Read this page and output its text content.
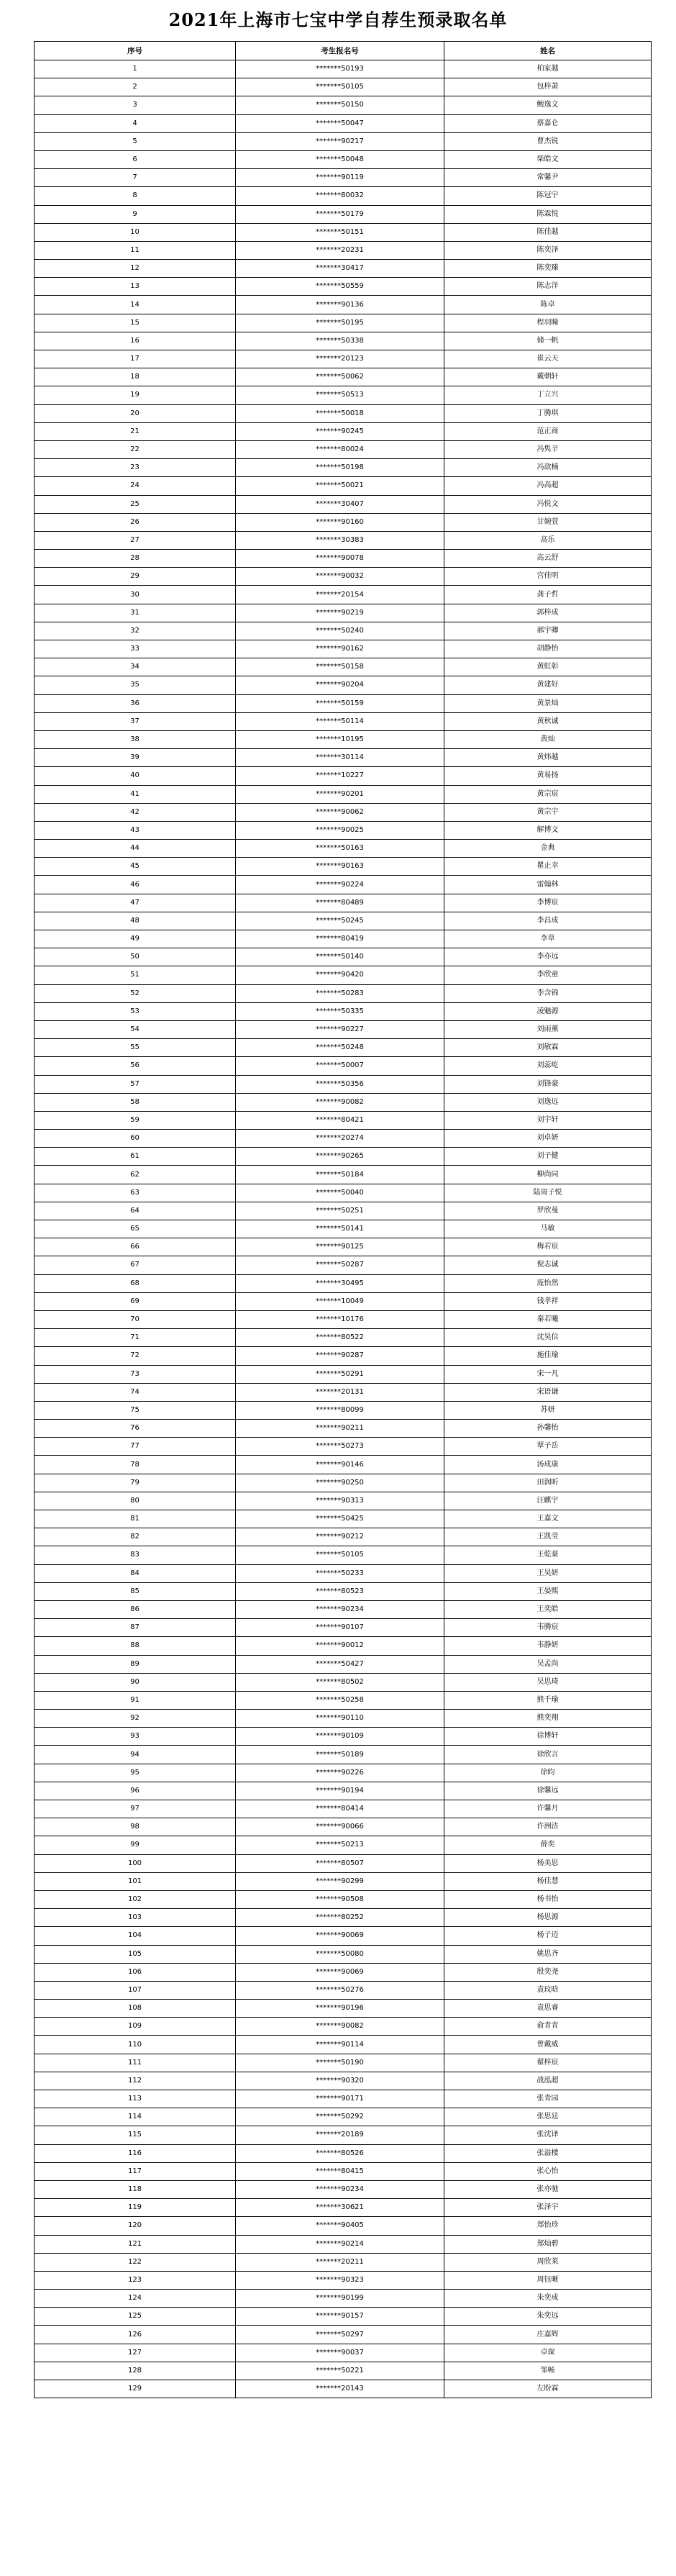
2021年上海市七宝中学自荐生预录取名单
序号	考生报名号	姓名
1	*******50193	柏家越
2	*******50105	包梓萧
3	*******50150	鲍逸文
4	*******50047	蔡嘉仑
5	*******90217	曹杰锐
6	*******50048	柴皓文
7	*******90119	常馨尹
8	*******80032	陈冠宇
9	*******50179	陈霖悦
10	*******50151	陈佳越
11	*******20231	陈奕泽
12	*******30417	陈奕臻
13	*******50559	陈志洋
14	*******90136	陈卓
15	*******50195	程羽瞳
16	*******50338	储一帆
17	*******20123	崔云天
18	*******50062	戴朝轩
19	*******50513	丁立兴
20	*******50018	丁腾琪
21	*******90245	范正商
22	*******80024	冯隽辛
23	*******50198	冯歆楠
24	*******50021	冯高超
25	*******30407	冯悦文
26	*******90160	甘婉萱
27	*******30383	高乐
28	*******90078	高云舒
29	*******90032	宫佳明
30	*******20154	龚子哲
31	*******90219	郭梓成
32	*******50240	郝宇卿
33	*******90162	胡静怡
34	*******50158	黄虹彰
35	*******90204	黄建好
36	*******50159	黄景灿
37	*******50114	黄秋诚
38	*******10195	黄灿
39	*******30114	黄炜越
40	*******10227	黄易扬
41	*******90201	黄宗宸
42	*******90062	黄宗宇
43	*******90025	解博文
44	*******50163	金典
45	*******90163	瞿止幸
46	*******90224	雷翰林
47	*******80489	李博宸
48	*******50245	李昌成
49	*******80419	李草
50	*******50140	李亦远
51	*******90420	李欣童
52	*******50283	李含锦
53	*******50335	凌魅源
54	*******90227	刘雨薰
55	*******50248	刘敏霖
56	*******50007	刘蕊屹
57	*******50356	刘锋豪
58	*******90082	刘逸远
59	*******80421	刘宇轩
60	*******20274	刘卓妍
61	*******90265	刘子健
62	*******50184	柳尚同
63	*******50040	陆周子悦
64	*******50251	罗欣曼
65	*******50141	马敏
66	*******90125	梅若宸
67	*******50287	倪志诚
68	*******30495	庞怡然
69	*******10049	钱孝祥
70	*******10176	秦若曦
71	*******80522	沈昊信
72	*******90287	施佳瑜
73	*******50291	宋一凡
74	*******20131	宋语谦
75	*******80099	苏妍
76	*******90211	孙馨怡
77	*******50273	覃子岳
78	*******90146	汤成康
79	*******90250	田润昕
80	*******90313	汪麒宇
81	*******50425	王嘉文
82	*******90212	王凯莹
83	*******50105	王乾豪
84	*******50233	王昊妍
85	*******80523	王晏熙
86	*******90234	王奕皓
87	*******90107	韦腾宸
88	*******90012	韦静妍
89	*******50427	吴孟尚
90	*******80502	吴思琦
91	*******50258	熊千瑜
92	*******90110	熊奕翔
93	*******90109	徐博轩
94	*******50189	徐欣言
95	*******90226	徐昀
96	*******90194	徐馨远
97	*******80414	许馨月
98	*******90066	许洲洁
99	*******50213	薛奕
100	*******80507	杨美思
101	*******90299	杨佳慧
102	*******90508	杨书怡
103	*******80252	杨思源
104	*******90069	杨子迈
105	*******50080	姚思齐
106	*******90069	殷奕尧
107	*******50276	袁玟晗
108	*******90196	袁思睿
109	*******90082	俞青青
110	*******90114	曾戴威
111	*******50190	翟梓宸
112	*******90320	战泓超
113	*******90171	张青园
114	*******50292	张思廷
115	*******20189	张沈译
116	*******80526	张溢楼
117	*******80415	张心怡
118	*******90234	张亦驰
119	*******30621	张泽宇
120	*******90405	郑怡珍
121	*******90214	郑灿碧
122	*******20211	周欣莱
123	*******90323	周钰晰
124	*******90199	朱奕成
125	*******90157	朱奕远
126	*******50297	庄嘉辉
127	*******90037	卓琛
128	*******50221	邹畅
129	*******20143	左盼霖
